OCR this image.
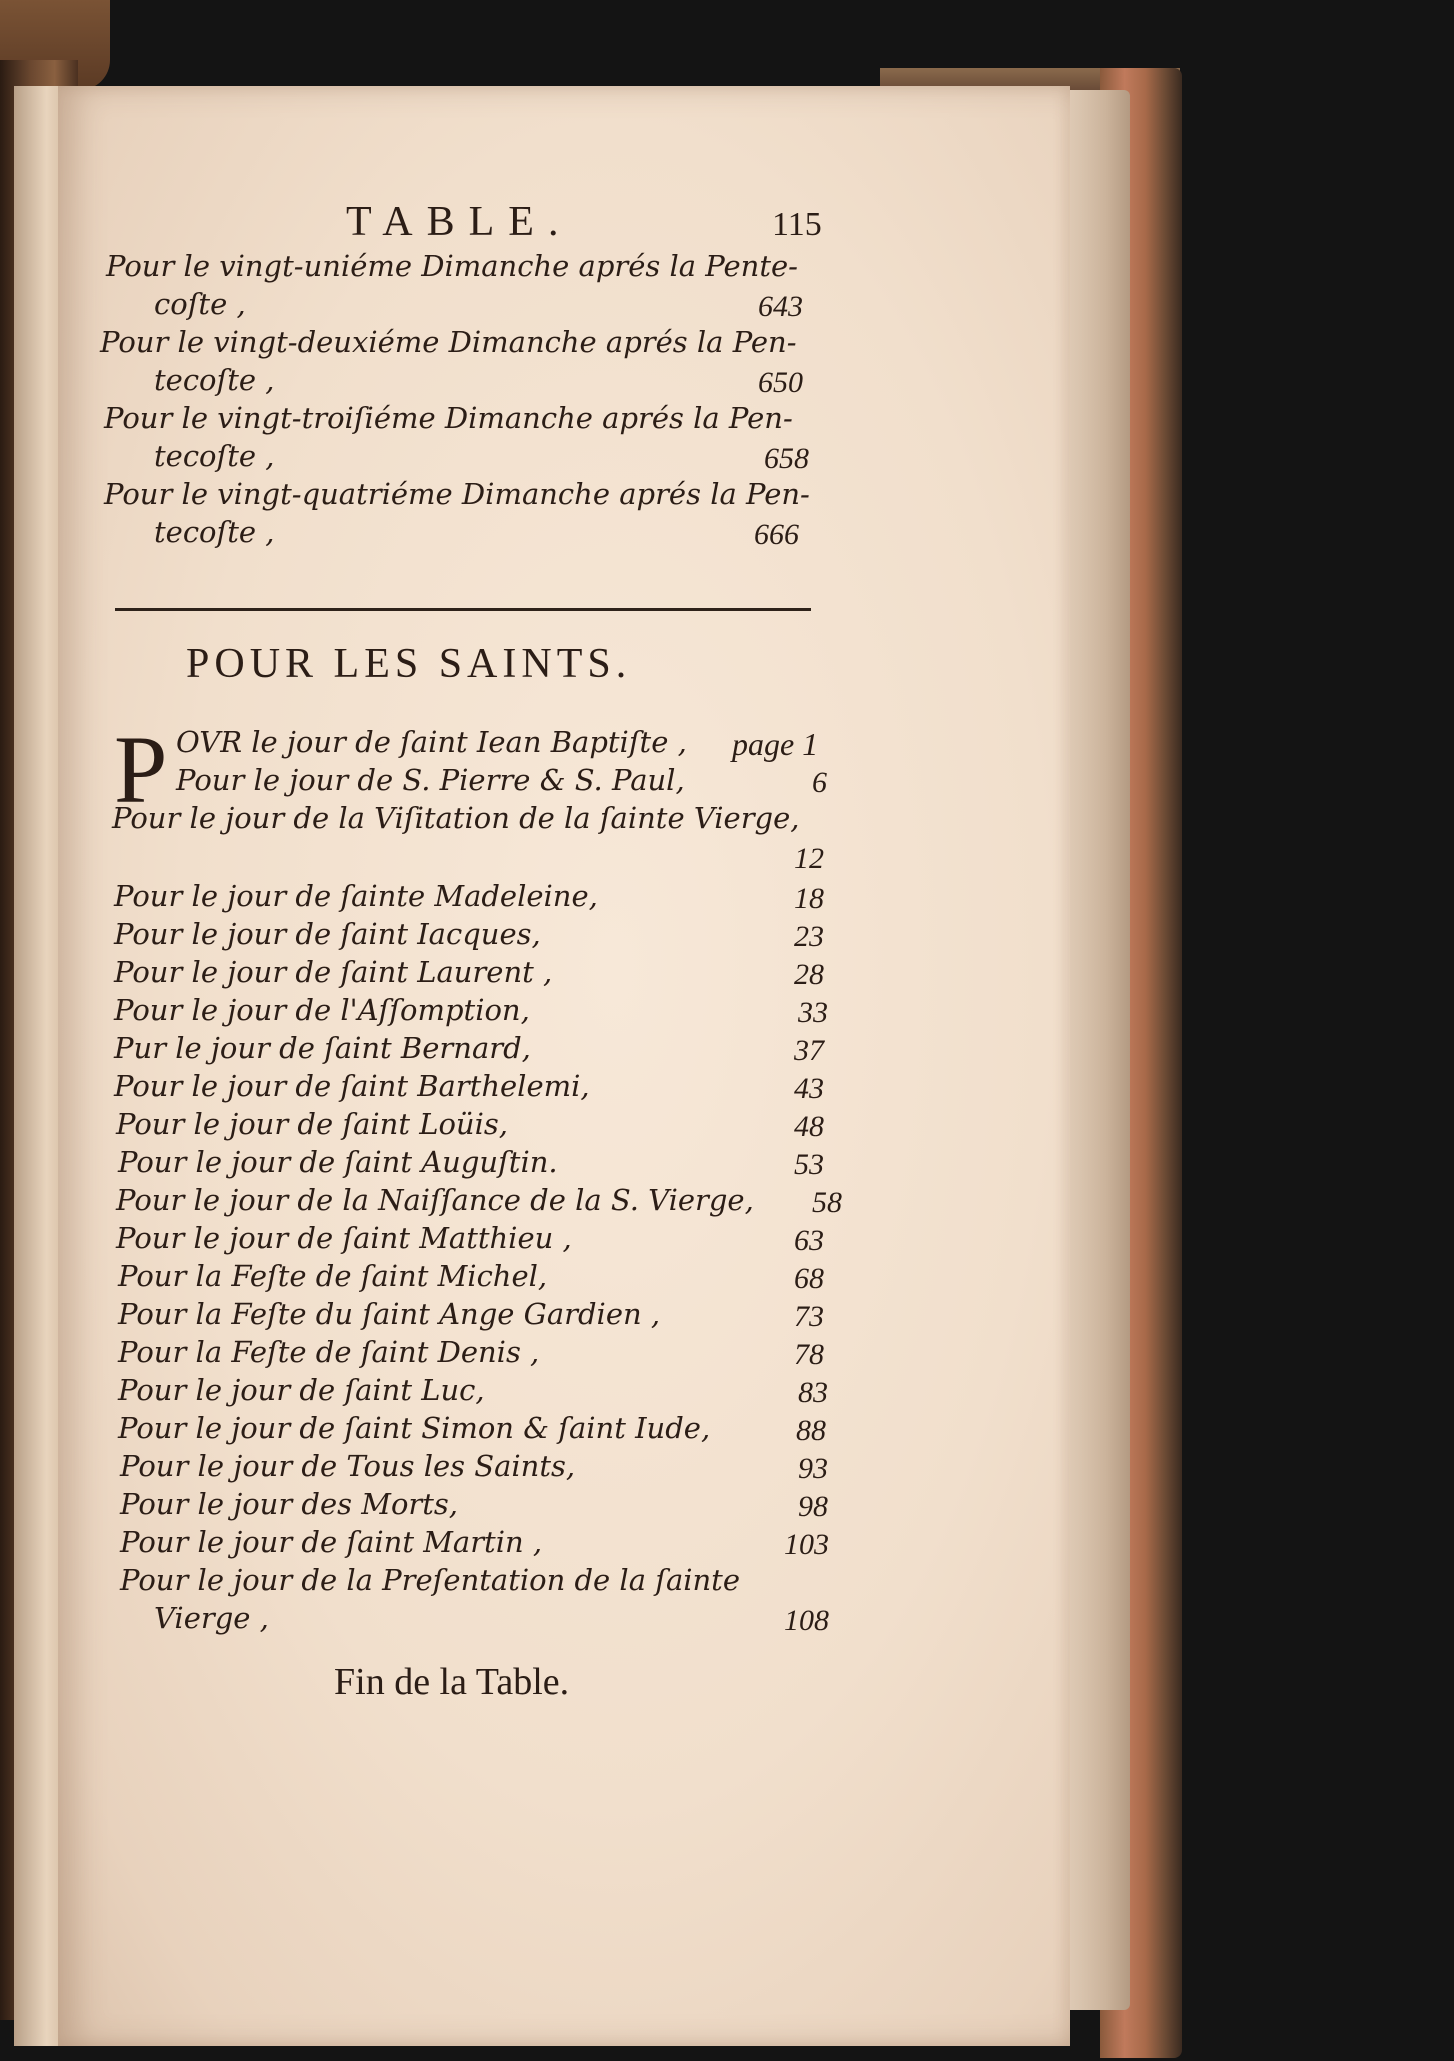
TABLE.	115
Pour le vingt-uniéme Dimanche aprés la Pente-
coſte ,	643
Pour le vingt-deuxiéme Dimanche aprés la Pen-
tecoſte ,	650
Pour le vingt-troiſiéme Dimanche aprés la Pen-
tecoſte ,	658
Pour le vingt-quatriéme Dimanche aprés la Pen-
tecoſte ,	666
POUR LES SAINTS.
P OVR le jour de ſaint Iean Baptiſte , page 1
Pour le jour de S. Pierre & S. Paul,	6
Pour le jour de la Viſitation de la ſainte Vierge,
12
Pour le jour de ſainte Madeleine,	18
Pour le jour de ſaint Iacques,	23
Pour le jour de ſaint Laurent ,	28
Pour le jour de l'Aſſomption,	33
Pur le jour de ſaint Bernard,	37
Pour le jour de ſaint Barthelemi,	43
Pour le jour de ſaint Loüis,	48
Pour le jour de ſaint Auguſtin.	53
Pour le jour de la Naiſſance de la S. Vierge, 58
Pour le jour de ſaint Matthieu ,	63
Pour la Feſte de ſaint Michel,	68
Pour la Feſte du ſaint Ange Gardien ,	73
Pour la Feſte de ſaint Denis ,	78
Pour le jour de ſaint Luc,	83
Pour le jour de ſaint Simon & ſaint Iude,	88
Pour le jour de Tous les Saints,	93
Pour le jour des Morts,	98
Pour le jour de ſaint Martin ,	103
Pour le jour de la Preſentation de la ſainte
Vierge ,	108
Fin de la Table.
